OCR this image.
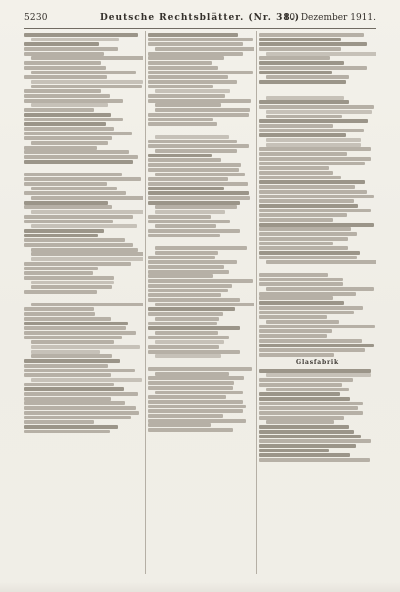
5230	Deutsche Rechtsblätter. (Nr. 38.)
10. Dezember 1911.
Glasfabrik
